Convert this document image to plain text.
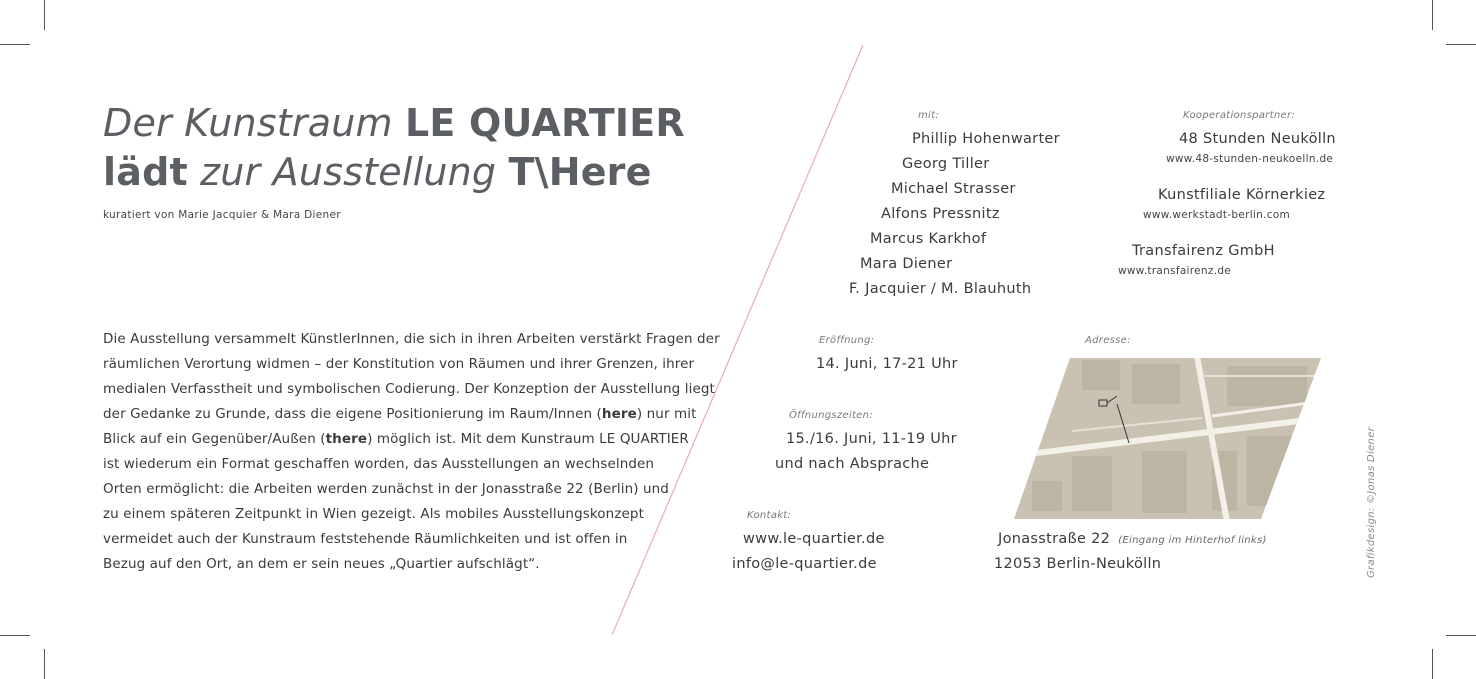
Der Kunstraum LE QUARTIER
lädt zur Ausstellung T\Here
kuratiert von Marie Jacquier & Mara Diener
Die Ausstellung versammelt KünstlerInnen, die sich in ihren Arbeiten verstärkt Fragen der
räumlichen Verortung widmen – der Konstitution von Räumen und ihrer Grenzen, ihrer
medialen Verfasstheit und symbolischen Codierung. Der Konzeption der Ausstellung liegt
der Gedanke zu Grunde, dass die eigene Positionierung im Raum/Innen (here) nur mit
Blick auf ein Gegenüber/Außen (there) möglich ist. Mit dem Kunstraum LE QUARTIER
ist wiederum ein Format geschaffen worden, das Ausstellungen an wechselnden
Orten ermöglicht: die Arbeiten werden zunächst in der Jonasstraße 22 (Berlin) und
zu einem späteren Zeitpunkt in Wien gezeigt. Als mobiles Ausstellungskonzept
vermeidet auch der Kunstraum feststehende Räumlichkeiten und ist offen in
Bezug auf den Ort, an dem er sein neues „Quartier aufschlägt“.
mit:
Phillip Hohenwarter
Georg Tiller
Michael Strasser
Alfons Pressnitz
Marcus Karkhof
Mara Diener
F. Jacquier / M. Blauhuth
Kooperationspartner:
48 Stunden Neukölln
www.48-stunden-neukoelln.de
Kunstfiliale Körnerkiez
www.werkstadt-berlin.com
Transfairenz GmbH
www.transfairenz.de
Eröffnung:
14. Juni, 17-21 Uhr
Öffnungszeiten:
15./16. Juni, 11-19 Uhr
und nach Absprache
Kontakt:
www.le-quartier.de
info@le-quartier.de
Adresse:
Jonasstraße 22 (Eingang im Hinterhof links)
12053 Berlin-Neukölln	Grafikdesign: ©Jonas Diener
